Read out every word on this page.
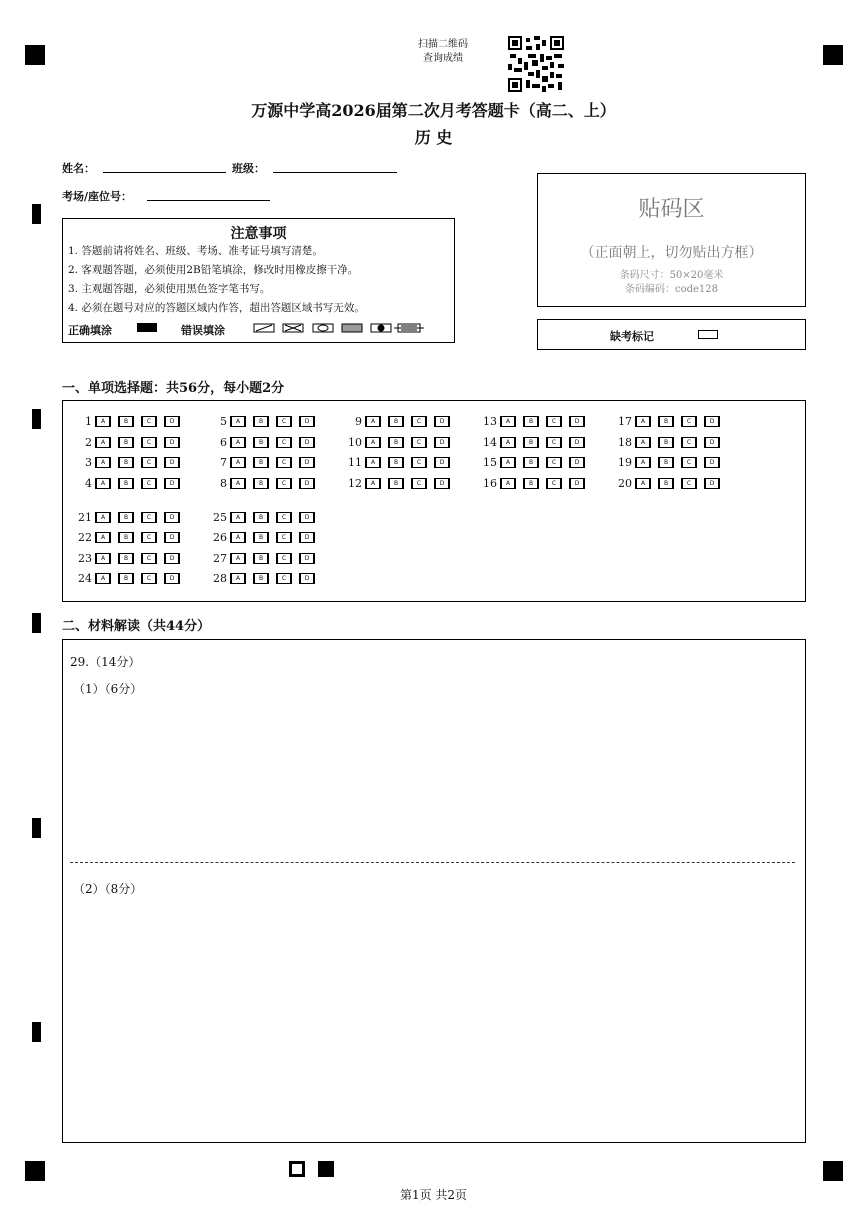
扫描二维码
查询成绩
万源中学高2026届第二次月考答题卡（高二、上）
历 史
姓名：	班级：
考场/座位号：
注意事项
1. 答题前请将姓名、班级、考场、准考证号填写清楚。
2. 客观题答题，必须使用2B铅笔填涂，修改时用橡皮擦干净。
3. 主观题答题，必须使用黑色签字笔书写。
4. 必须在题号对应的答题区域内作答，超出答题区域书写无效。
正确填涂	错误填涂
贴码区
（正面朝上，切勿贴出方框）
条码尺寸：50×20毫米
条码编码：code128
缺考标记
一、单项选择题：共56分，每小题2分
1	A	B	C	D
2	A	B	C	D
3	A	B	C	D
4	A	B	C	D
5	A	B	C	D
6	A	B	C	D
7	A	B	C	D
8	A	B	C	D
9	A	B	C	D
10	A	B	C	D
11	A	B	C	D
12	A	B	C	D
13	A	B	C	D
14	A	B	C	D
15	A	B	C	D
16	A	B	C	D
17	A	B	C	D
18	A	B	C	D
19	A	B	C	D
20	A	B	C	D
21	A	B	C	D
22	A	B	C	D
23	A	B	C	D
24	A	B	C	D
25	A	B	C	D
26	A	B	C	D
27	A	B	C	D
28	A	B	C	D
二、材料解读（共44分）
29.（14分）
（1）（6分）
（2）（8分）
第1页 共2页
